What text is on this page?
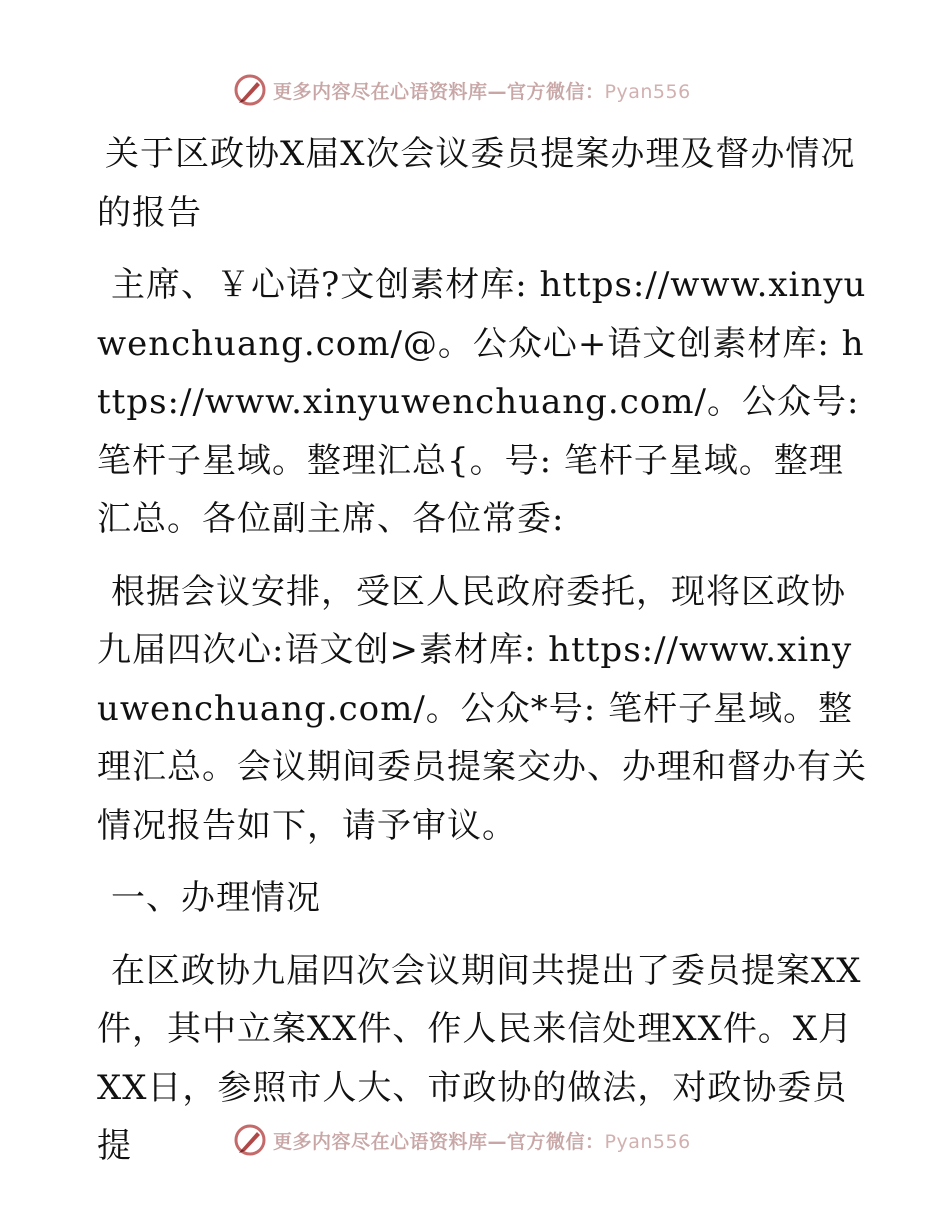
更多内容尽在心语资料库—官方微信：Pyan556

关于区政协X届X次会议委员提案办理及督办情况的报告

主席、￥心语?文创素材库: https://www.xinyuwenchuang.com/@。公众心+语文创素材库: https://www.xinyuwenchuang.com/。公众号: 笔杆子星域。整理汇总{。号: 笔杆子星域。整理汇总。各位副主席、各位常委:

根据会议安排，受区人民政府委托，现将区政协九届四次心:语文创>素材库: https://www.xinyuwenchuang.com/。公众*号: 笔杆子星域。整理汇总。会议期间委员提案交办、办理和督办有关情况报告如下，请予审议。

一、办理情况

在区政协九届四次会议期间共提出了委员提案XX件，其中立案XX件、作人民来信处理XX件。X月XX日，参照市人大、市政协的做法，对政协委员提	更多内容尽在心语资料库—官方微信：Pyan556
